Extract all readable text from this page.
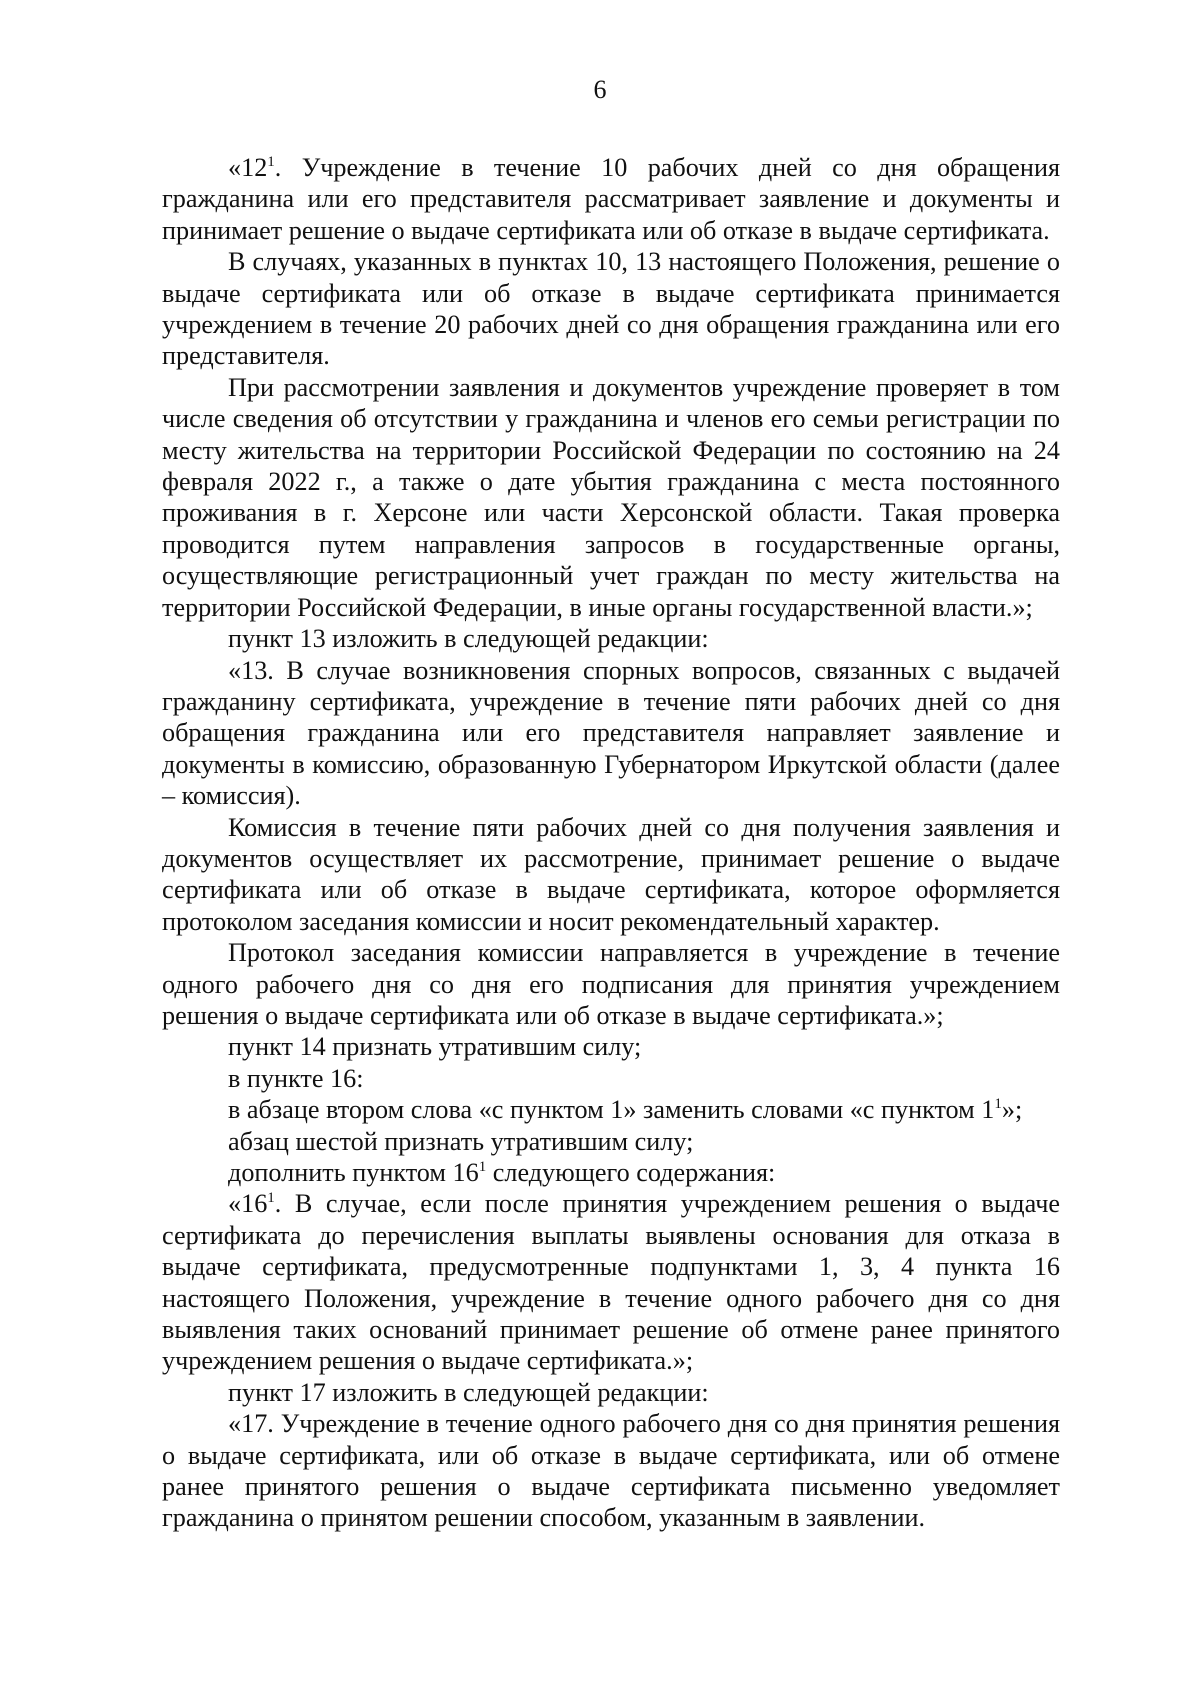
6

«$12^1$. Учреждение в течение 10 рабочих дней со дня обращения гражданина или его представителя рассматривает заявление и документы и принимает решение о выдаче сертификата или об отказе в выдаче сертификата.

В случаях, указанных в пунктах 10, 13 настоящего Положения, решение о выдаче сертификата или об отказе в выдаче сертификата принимается учреждением в течение 20 рабочих дней со дня обращения гражданина или его представителя.

При рассмотрении заявления и документов учреждение проверяет в том числе сведения об отсутствии у гражданина и членов его семьи регистрации по месту жительства на территории Российской Федерации по состоянию на 24 февраля 2022 г., а также о дате убытия гражданина с места постоянного проживания в г. Херсоне или части Херсонской области. Такая проверка проводится путем направления запросов в государственные органы, осуществляющие регистрационный учет граждан по месту жительства на территории Российской Федерации, в иные органы государственной власти.»;

пункт 13 изложить в следующей редакции:

«13. В случае возникновения спорных вопросов, связанных с выдачей гражданину сертификата, учреждение в течение пяти рабочих дней со дня обращения гражданина или его представителя направляет заявление и документы в комиссию, образованную Губернатором Иркутской области (далее – комиссия).

Комиссия в течение пяти рабочих дней со дня получения заявления и документов осуществляет их рассмотрение, принимает решение о выдаче сертификата или об отказе в выдаче сертификата, которое оформляется протоколом заседания комиссии и носит рекомендательный характер.

Протокол заседания комиссии направляется в учреждение в течение одного рабочего дня со дня его подписания для принятия учреждением решения о выдаче сертификата или об отказе в выдаче сертификата.»;

пункт 14 признать утратившим силу;

в пункте 16:

в абзаце втором слова «с пунктом 1» заменить словами «с пунктом $1^1$»;

абзац шестой признать утратившим силу;

дополнить пунктом $16^1$ следующего содержания:

«$16^1$. В случае, если после принятия учреждением решения о выдаче сертификата до перечисления выплаты выявлены основания для отказа в выдаче сертификата, предусмотренные подпунктами 1, 3, 4 пункта 16 настоящего Положения, учреждение в течение одного рабочего дня со дня выявления таких оснований принимает решение об отмене ранее принятого учреждением решения о выдаче сертификата.»;

пункт 17 изложить в следующей редакции:

«17. Учреждение в течение одного рабочего дня со дня принятия решения о выдаче сертификата, или об отказе в выдаче сертификата, или об отмене ранее принятого решения о выдаче сертификата письменно уведомляет гражданина о принятом решении способом, указанным в заявлении.
